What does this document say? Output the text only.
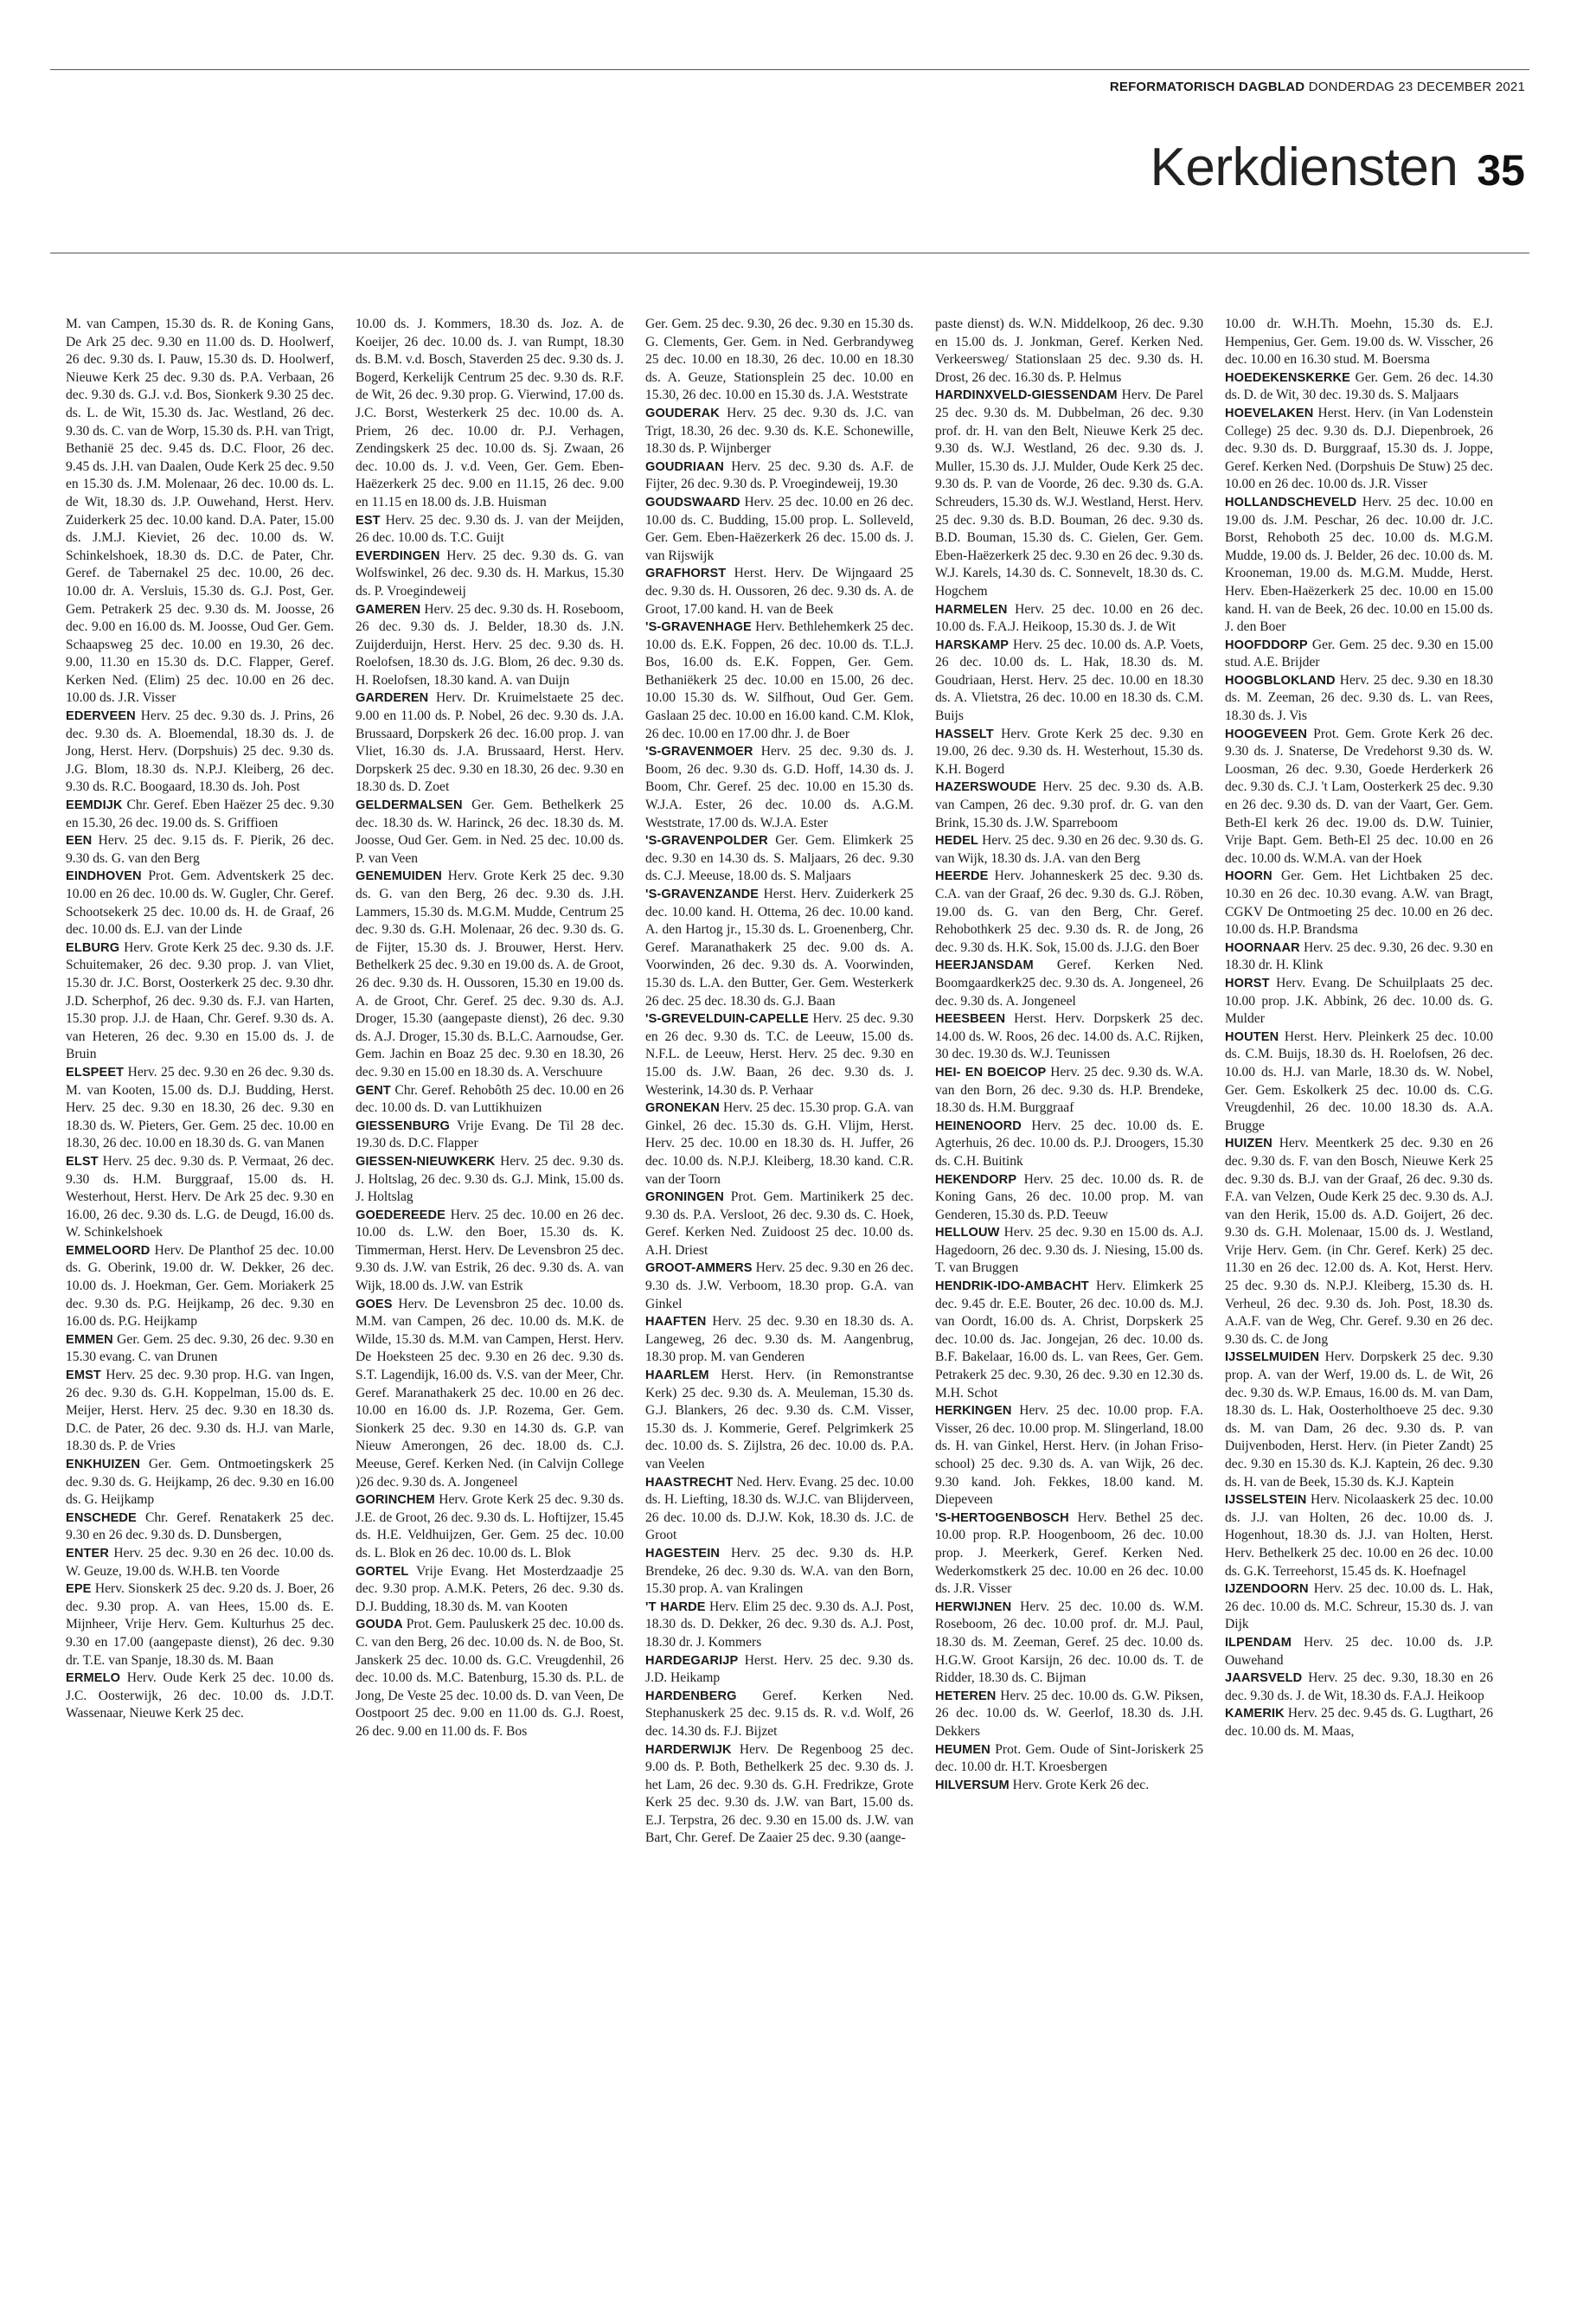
REFORMATORISCH DAGBLAD DONDERDAG 23 DECEMBER 2021
Kerkdiensten 35

M. van Campen, 15.30 ds. R. de Koning Gans, De Ark 25 dec. 9.30 en 11.00 ds. D. Hoolwerf, 26 dec. 9.30 ds. I. Pauw, 15.30 ds. D. Hoolwerf, Nieuwe Kerk 25 dec. 9.30 ds. P.A. Verbaan, 26 dec. 9.30 ds. G.J. v.d. Bos, Sionkerk 9.30 25 dec. ds. L. de Wit, 15.30 ds. Jac. Westland, 26 dec. 9.30 ds. C. van de Worp, 15.30 ds. P.H. van Trigt, Bethaniё 25 dec. 9.45 ds. D.C. Floor, 26 dec. 9.45 ds. J.H. van Daalen, Oude Kerk 25 dec. 9.50 en 15.30 ds. J.M. Molenaar, 26 dec. 10.00 ds. L. de Wit, 18.30 ds. J.P. Ouwehand, Herst. Herv. Zuiderkerk 25 dec. 10.00 kand. D.A. Pater, 15.00 ds. J.M.J. Kieviet, 26 dec. 10.00 ds. W. Schinkelshoek, 18.30 ds. D.C. de Pater, Chr. Geref. de Tabernakel 25 dec. 10.00, 26 dec. 10.00 dr. A. Versluis, 15.30 ds. G.J. Post, Ger. Gem. Petrakerk 25 dec. 9.30 ds. M. Joosse, 26 dec. 9.00 en 16.00 ds. M. Joosse, Oud Ger. Gem. Schaapsweg 25 dec. 10.00 en 19.30, 26 dec. 9.00, 11.30 en 15.30 ds. D.C. Flapper, Geref. Kerken Ned. (Elim) 25 dec. 10.00 en 26 dec. 10.00 ds. J.R. Visser

EDERVEEN Herv. 25 dec. 9.30 ds. J. Prins, 26 dec. 9.30 ds. A. Bloemendal, 18.30 ds. J. de Jong, Herst. Herv. (Dorpshuis) 25 dec. 9.30 ds. J.G. Blom, 18.30 ds. N.P.J. Kleiberg, 26 dec. 9.30 ds. R.C. Boogaard, 18.30 ds. Joh. Post

EEMDIJK Chr. Geref. Eben Haëzer 25 dec. 9.30 en 15.30, 26 dec. 19.00 ds. S. Griffioen

EEN Herv. 25 dec. 9.15 ds. F. Pierik, 26 dec. 9.30 ds. G. van den Berg

EINDHOVEN Prot. Gem. Adventskerk 25 dec. 10.00 en 26 dec. 10.00 ds. W. Gugler, Chr. Geref. Schootsekerk 25 dec. 10.00 ds. H. de Graaf, 26 dec. 10.00 ds. E.J. van der Linde

ELBURG Herv. Grote Kerk 25 dec. 9.30 ds. J.F. Schuitemaker, 26 dec. 9.30 prop. J. van Vliet, 15.30 dr. J.C. Borst, Oosterkerk 25 dec. 9.30 dhr. J.D. Scherphof, 26 dec. 9.30 ds. F.J. van Harten, 15.30 prop. J.J. de Haan, Chr. Geref. 9.30 ds. A. van Heteren, 26 dec. 9.30 en 15.00 ds. J. de Bruin

ELSPEET Herv. 25 dec. 9.30 en 26 dec. 9.30 ds. M. van Kooten, 15.00 ds. D.J. Budding, Herst. Herv. 25 dec. 9.30 en 18.30, 26 dec. 9.30 en 18.30 ds. W. Pieters, Ger. Gem. 25 dec. 10.00 en 18.30, 26 dec. 10.00 en 18.30 ds. G. van Manen

ELST Herv. 25 dec. 9.30 ds. P. Vermaat, 26 dec. 9.30 ds. H.M. Burggraaf, 15.00 ds. H. Westerhout, Herst. Herv. De Ark 25 dec. 9.30 en 16.00, 26 dec. 9.30 ds. L.G. de Deugd, 16.00 ds. W. Schinkelshoek

EMMELOORD Herv. De Planthof 25 dec. 10.00 ds. G. Oberink, 19.00 dr. W. Dekker, 26 dec. 10.00 ds. J. Hoekman, Ger. Gem. Moriakerk 25 dec. 9.30 ds. P.G. Heijkamp, 26 dec. 9.30 en 16.00 ds. P.G. Heijkamp

EMMEN Ger. Gem. 25 dec. 9.30, 26 dec. 9.30 en 15.30 evang. C. van Drunen

EMST Herv. 25 dec. 9.30 prop. H.G. van Ingen, 26 dec. 9.30 ds. G.H. Koppelman, 15.00 ds. E. Meijer, Herst. Herv. 25 dec. 9.30 en 18.30 ds. D.C. de Pater, 26 dec. 9.30 ds. H.J. van Marle, 18.30 ds. P. de Vries

ENKHUIZEN Ger. Gem. Ontmoetingskerk 25 dec. 9.30 ds. G. Heijkamp, 26 dec. 9.30 en 16.00 ds. G. Heijkamp

ENSCHEDE Chr. Geref. Renatakerk 25 dec. 9.30 en 26 dec. 9.30 ds. D. Dunsbergen,

ENTER Herv. 25 dec. 9.30 en 26 dec. 10.00 ds. W. Geuze, 19.00 ds. W.H.B. ten Voorde

EPE Herv. Sionskerk 25 dec. 9.20 ds. J. Boer, 26 dec. 9.30 prop. A. van Hees, 15.00 ds. E. Mijnheer, Vrije Herv. Gem. Kulturhus 25 dec. 9.30 en 17.00 (aangepaste dienst), 26 dec. 9.30 dr. T.E. van Spanje, 18.30 ds. M. Baan

ERMELO Herv. Oude Kerk 25 dec. 10.00 ds. J.C. Oosterwijk, 26 dec. 10.00 ds. J.D.T. Wassenaar, Nieuwe Kerk 25 dec.

10.00 ds. J. Kommers, 18.30 ds. Joz. A. de Koeijer, 26 dec. 10.00 ds. J. van Rumpt, 18.30 ds. B.M. v.d. Bosch, Staverden 25 dec. 9.30 ds. J. Bogerd, Kerkelijk Centrum 25 dec. 9.30 ds. R.F. de Wit, 26 dec. 9.30 prop. G. Vierwind, 17.00 ds. J.C. Borst, Westerkerk 25 dec. 10.00 ds. A. Priem, 26 dec. 10.00 dr. P.J. Verhagen, Zendingskerk 25 dec. 10.00 ds. Sj. Zwaan, 26 dec. 10.00 ds. J. v.d. Veen, Ger. Gem. Eben-Haëzerkerk 25 dec. 9.00 en 11.15, 26 dec. 9.00 en 11.15 en 18.00 ds. J.B. Huisman

EST Herv. 25 dec. 9.30 ds. J. van der Meijden, 26 dec. 10.00 ds. T.C. Guijt

EVERDINGEN Herv. 25 dec. 9.30 ds. G. van Wolfswinkel, 26 dec. 9.30 ds. H. Markus, 15.30 ds. P. Vroegindeweij

GAMEREN Herv. 25 dec. 9.30 ds. H. Roseboom, 26 dec. 9.30 ds. J. Belder, 18.30 ds. J.N. Zuijderduijn, Herst. Herv. 25 dec. 9.30 ds. H. Roelofsen, 18.30 ds. J.G. Blom, 26 dec. 9.30 ds. H. Roelofsen, 18.30 kand. A. van Duijn

GARDEREN Herv. Dr. Kruimelstaete 25 dec. 9.00 en 11.00 ds. P. Nobel, 26 dec. 9.30 ds. J.A. Brussaard, Dorpskerk 26 dec. 16.00 prop. J. van Vliet, 16.30 ds. J.A. Brussaard, Herst. Herv. Dorpskerk 25 dec. 9.30 en 18.30, 26 dec. 9.30 en 18.30 ds. D. Zoet

GELDERMALSEN Ger. Gem. Bethelkerk 25 dec. 18.30 ds. W. Harinck, 26 dec. 18.30 ds. M. Joosse, Oud Ger. Gem. in Ned. 25 dec. 10.00 ds. P. van Veen

GENEMUIDEN Herv. Grote Kerk 25 dec. 9.30 ds. G. van den Berg, 26 dec. 9.30 ds. J.H. Lammers, 15.30 ds. M.G.M. Mudde, Centrum 25 dec. 9.30 ds. G.H. Molenaar, 26 dec. 9.30 ds. G. de Fijter, 15.30 ds. J. Brouwer, Herst. Herv. Bethelkerk 25 dec. 9.30 en 19.00 ds. A. de Groot, 26 dec. 9.30 ds. H. Oussoren, 15.30 en 19.00 ds. A. de Groot, Chr. Geref. 25 dec. 9.30 ds. A.J. Droger, 15.30 (aangepaste dienst), 26 dec. 9.30 ds. A.J. Droger, 15.30 ds. B.L.C. Aarnoudse, Ger. Gem. Jachin en Boaz 25 dec. 9.30 en 18.30, 26 dec. 9.30 en 15.00 en 18.30 ds. A. Verschuure

GENT Chr. Geref. Rehobôth 25 dec. 10.00 en 26 dec. 10.00 ds. D. van Luttikhuizen

GIESSENBURG Vrije Evang. De Til 28 dec. 19.30 ds. D.C. Flapper

GIESSEN-NIEUWKERK Herv. 25 dec. 9.30 ds. J. Holtslag, 26 dec. 9.30 ds. G.J. Mink, 15.00 ds. J. Holtslag

GOEDEREEDE Herv. 25 dec. 10.00 en 26 dec. 10.00 ds. L.W. den Boer, 15.30 ds. K. Timmerman, Herst. Herv. De Levensbron 25 dec. 9.30 ds. J.W. van Estrik, 26 dec. 9.30 ds. A. van Wijk, 18.00 ds. J.W. van Estrik

GOES Herv. De Levensbron 25 dec. 10.00 ds. M.M. van Campen, 26 dec. 10.00 ds. M.K. de Wilde, 15.30 ds. M.M. van Campen, Herst. Herv. De Hoeksteen 25 dec. 9.30 en 26 dec. 9.30 ds. S.T. Lagendijk, 16.00 ds. V.S. van der Meer, Chr. Geref. Maranathakerk 25 dec. 10.00 en 26 dec. 10.00 en 16.00 ds. J.P. Rozema, Ger. Gem. Sionkerk 25 dec. 9.30 en 14.30 ds. G.P. van Nieuw Amerongen, 26 dec. 18.00 ds. C.J. Meeuse, Geref. Kerken Ned. (in Calvijn College )26 dec. 9.30 ds. A. Jongeneel

GORINCHEM Herv. Grote Kerk 25 dec. 9.30 ds. J.E. de Groot, 26 dec. 9.30 ds. L. Hoftijzer, 15.45 ds. H.E. Veldhuijzen, Ger. Gem. 25 dec. 10.00 ds. L. Blok en 26 dec. 10.00 ds. L. Blok

GORTEL Vrije Evang. Het Mosterdzaadje 25 dec. 9.30 prop. A.M.K. Peters, 26 dec. 9.30 ds. D.J. Budding, 18.30 ds. M. van Kooten

GOUDA Prot. Gem. Pauluskerk 25 dec. 10.00 ds. C. van den Berg, 26 dec. 10.00 ds. N. de Boo, St. Janskerk 25 dec. 10.00 ds. G.C. Vreugdenhil, 26 dec. 10.00 ds. M.C. Batenburg, 15.30 ds. P.L. de Jong, De Veste 25 dec. 10.00 ds. D. van Veen, De Oostpoort 25 dec. 9.00 en 11.00 ds. G.J. Roest, 26 dec. 9.00 en 11.00 ds. F. Bos

Ger. Gem. 25 dec. 9.30, 26 dec. 9.30 en 15.30 ds. G. Clements, Ger. Gem. in Ned. Gerbrandyweg 25 dec. 10.00 en 18.30, 26 dec. 10.00 en 18.30 ds. A. Geuze, Stationsplein 25 dec. 10.00 en 15.30, 26 dec. 10.00 en 15.30 ds. J.A. Weststrate

GOUDERAK Herv. 25 dec. 9.30 ds. J.C. van Trigt, 18.30, 26 dec. 9.30 ds. K.E. Schonewille, 18.30 ds. P. Wijnberger

GOUDRIAAN Herv. 25 dec. 9.30 ds. A.F. de Fijter, 26 dec. 9.30 ds. P. Vroegindeweij, 19.30

GOUDSWAARD Herv. 25 dec. 10.00 en 26 dec. 10.00 ds. C. Budding, 15.00 prop. L. Solleveld, Ger. Gem. Eben-Haëzerkerk 26 dec. 15.00 ds. J. van Rijswijk

GRAFHORST Herst. Herv. De Wijngaard 25 dec. 9.30 ds. H. Oussoren, 26 dec. 9.30 ds. A. de Groot, 17.00 kand. H. van de Beek

'S-GRAVENHAGE Herv. Bethlehemkerk 25 dec. 10.00 ds. E.K. Foppen, 26 dec. 10.00 ds. T.L.J. Bos, 16.00 ds. E.K. Foppen, Ger. Gem. Bethaniёkerk 25 dec. 10.00 en 15.00, 26 dec. 10.00 15.30 ds. W. Silfhout, Oud Ger. Gem. Gaslaan 25 dec. 10.00 en 16.00 kand. C.M. Klok, 26 dec. 10.00 en 17.00 dhr. J. de Boer

'S-GRAVENMOER Herv. 25 dec. 9.30 ds. J. Boom, 26 dec. 9.30 ds. G.D. Hoff, 14.30 ds. J. Boom, Chr. Geref. 25 dec. 10.00 en 15.30 ds. W.J.A. Ester, 26 dec. 10.00 ds. A.G.M. Weststrate, 17.00 ds. W.J.A. Ester

'S-GRAVENPOLDER Ger. Gem. Elimkerk 25 dec. 9.30 en 14.30 ds. S. Maljaars, 26 dec. 9.30 ds. C.J. Meeuse, 18.00 ds. S. Maljaars

'S-GRAVENZANDE Herst. Herv. Zuiderkerk 25 dec. 10.00 kand. H. Ottema, 26 dec. 10.00 kand. A. den Hartog jr., 15.30 ds. L. Groenenberg, Chr. Geref. Maranathakerk 25 dec. 9.00 ds. A. Voorwinden, 26 dec. 9.30 ds. A. Voorwinden, 15.30 ds. L.A. den Butter, Ger. Gem. Westerkerk 26 dec. 25 dec. 18.30 ds. G.J. Baan

'S-GREVELDUIN-CAPELLE Herv. 25 dec. 9.30 en 26 dec. 9.30 ds. T.C. de Leeuw, 15.00 ds. N.F.L. de Leeuw, Herst. Herv. 25 dec. 9.30 en 15.00 ds. J.W. Baan, 26 dec. 9.30 ds. J. Westerink, 14.30 ds. P. Verhaar

GRONEKAN Herv. 25 dec. 15.30 prop. G.A. van Ginkel, 26 dec. 15.30 ds. G.H. Vlijm, Herst. Herv. 25 dec. 10.00 en 18.30 ds. H. Juffer, 26 dec. 10.00 ds. N.P.J. Kleiberg, 18.30 kand. C.R. van der Toorn

GRONINGEN Prot. Gem. Martinikerk 25 dec. 9.30 ds. P.A. Versloot, 26 dec. 9.30 ds. C. Hoek, Geref. Kerken Ned. Zuidoost 25 dec. 10.00 ds. A.H. Driest

GROOT-AMMERS Herv. 25 dec. 9.30 en 26 dec. 9.30 ds. J.W. Verboom, 18.30 prop. G.A. van Ginkel

HAAFTEN Herv. 25 dec. 9.30 en 18.30 ds. A. Langeweg, 26 dec. 9.30 ds. M. Aangenbrug, 18.30 prop. M. van Genderen

HAARLEM Herst. Herv. (in Remonstrantse Kerk) 25 dec. 9.30 ds. A. Meuleman, 15.30 ds. G.J. Blankers, 26 dec. 9.30 ds. C.M. Visser, 15.30 ds. J. Kommerie, Geref. Pelgrimkerk 25 dec. 10.00 ds. S. Zijlstra, 26 dec. 10.00 ds. P.A. van Veelen

HAASTRECHT Ned. Herv. Evang. 25 dec. 10.00 ds. H. Liefting, 18.30 ds. W.J.C. van Blijderveen, 26 dec. 10.00 ds. D.J.W. Kok, 18.30 ds. J.C. de Groot

HAGESTEIN Herv. 25 dec. 9.30 ds. H.P. Brendeke, 26 dec. 9.30 ds. W.A. van den Born, 15.30 prop. A. van Kralingen

'T HARDE Herv. Elim 25 dec. 9.30 ds. A.J. Post, 18.30 ds. D. Dekker, 26 dec. 9.30 ds. A.J. Post, 18.30 dr. J. Kommers

HARDEGARIJP Herst. Herv. 25 dec. 9.30 ds. J.D. Heikamp

HARDENBERG Geref. Kerken Ned. Stephanuskerk 25 dec. 9.15 ds. R. v.d. Wolf, 26 dec. 14.30 ds. F.J. Bijzet

HARDERWIJK Herv. De Regenboog 25 dec. 9.00 ds. P. Both, Bethelkerk 25 dec. 9.30 ds. J. het Lam, 26 dec. 9.30 ds. G.H. Fredrikze, Grote Kerk 25 dec. 9.30 ds. J.W. van Bart, 15.00 ds. E.J. Terpstra, 26 dec. 9.30 en 15.00 ds. J.W. van Bart, Chr. Geref. De Zaaier 25 dec. 9.30 (aange-

paste dienst) ds. W.N. Middelkoop, 26 dec. 9.30 en 15.00 ds. J. Jonkman, Geref. Kerken Ned. Verkeersweg/ Stationslaan 25 dec. 9.30 ds. H. Drost, 26 dec. 16.30 ds. P. Helmus

HARDINXVELD-GIESSENDAM Herv. De Parel 25 dec. 9.30 ds. M. Dubbelman, 26 dec. 9.30 prof. dr. H. van den Belt, Nieuwe Kerk 25 dec. 9.30 ds. W.J. Westland, 26 dec. 9.30 ds. J. Muller, 15.30 ds. J.J. Mulder, Oude Kerk 25 dec. 9.30 ds. P. van de Voorde, 26 dec. 9.30 ds. G.A. Schreuders, 15.30 ds. W.J. Westland, Herst. Herv. 25 dec. 9.30 ds. B.D. Bouman, 26 dec. 9.30 ds. B.D. Bouman, 15.30 ds. C. Gielen, Ger. Gem. Eben-Haëzerkerk 25 dec. 9.30 en 26 dec. 9.30 ds. W.J. Karels, 14.30 ds. C. Sonnevelt, 18.30 ds. C. Hogchem

HARMELEN Herv. 25 dec. 10.00 en 26 dec. 10.00 ds. F.A.J. Heikoop, 15.30 ds. J. de Wit

HARSKAMP Herv. 25 dec. 10.00 ds. A.P. Voets, 26 dec. 10.00 ds. L. Hak, 18.30 ds. M. Goudriaan, Herst. Herv. 25 dec. 10.00 en 18.30 ds. A. Vlietstra, 26 dec. 10.00 en 18.30 ds. C.M. Buijs

HASSELT Herv. Grote Kerk 25 dec. 9.30 en 19.00, 26 dec. 9.30 ds. H. Westerhout, 15.30 ds. K.H. Bogerd

HAZERSWOUDE Herv. 25 dec. 9.30 ds. A.B. van Campen, 26 dec. 9.30 prof. dr. G. van den Brink, 15.30 ds. J.W. Sparreboom

HEDEL Herv. 25 dec. 9.30 en 26 dec. 9.30 ds. G. van Wijk, 18.30 ds. J.A. van den Berg

HEERDE Herv. Johanneskerk 25 dec. 9.30 ds. C.A. van der Graaf, 26 dec. 9.30 ds. G.J. Röben, 19.00 ds. G. van den Berg, Chr. Geref. Rehobothkerk 25 dec. 9.30 ds. R. de Jong, 26 dec. 9.30 ds. H.K. Sok, 15.00 ds. J.J.G. den Boer

HEERJANSDAM Geref. Kerken Ned. Boomgaardkerk25 dec. 9.30 ds. A. Jongeneel, 26 dec. 9.30 ds. A. Jongeneel

HEESBEEN Herst. Herv. Dorpskerk 25 dec. 14.00 ds. W. Roos, 26 dec. 14.00 ds. A.C. Rijken, 30 dec. 19.30 ds. W.J. Teunissen

HEI- EN BOEICOP Herv. 25 dec. 9.30 ds. W.A. van den Born, 26 dec. 9.30 ds. H.P. Brendeke, 18.30 ds. H.M. Burggraaf

HEINENOORD Herv. 25 dec. 10.00 ds. E. Agterhuis, 26 dec. 10.00 ds. P.J. Droogers, 15.30 ds. C.H. Buitink

HEKENDORP Herv. 25 dec. 10.00 ds. R. de Koning Gans, 26 dec. 10.00 prop. M. van Genderen, 15.30 ds. P.D. Teeuw

HELLOUW Herv. 25 dec. 9.30 en 15.00 ds. A.J. Hagedoorn, 26 dec. 9.30 ds. J. Niesing, 15.00 ds. T. van Bruggen

HENDRIK-IDO-AMBACHT Herv. Elimkerk 25 dec. 9.45 dr. E.E. Bouter, 26 dec. 10.00 ds. M.J. van Oordt, 16.00 ds. A. Christ, Dorpskerk 25 dec. 10.00 ds. Jac. Jongejan, 26 dec. 10.00 ds. B.F. Bakelaar, 16.00 ds. L. van Rees, Ger. Gem. Petrakerk 25 dec. 9.30, 26 dec. 9.30 en 12.30 ds. M.H. Schot

HERKINGEN Herv. 25 dec. 10.00 prop. F.A. Visser, 26 dec. 10.00 prop. M. Slingerland, 18.00 ds. H. van Ginkel, Herst. Herv. (in Johan Friso-school) 25 dec. 9.30 ds. A. van Wijk, 26 dec. 9.30 kand. Joh. Fekkes, 18.00 kand. M. Diepeveen

'S-HERTOGENBOSCH Herv. Bethel 25 dec. 10.00 prop. R.P. Hoogenboom, 26 dec. 10.00 prop. J. Meerkerk, Geref. Kerken Ned. Wederkomstkerk 25 dec. 10.00 en 26 dec. 10.00 ds. J.R. Visser

HERWIJNEN Herv. 25 dec. 10.00 ds. W.M. Roseboom, 26 dec. 10.00 prof. dr. M.J. Paul, 18.30 ds. M. Zeeman, Geref. 25 dec. 10.00 ds. H.G.W. Groot Karsijn, 26 dec. 10.00 ds. T. de Ridder, 18.30 ds. C. Bijman

HETEREN Herv. 25 dec. 10.00 ds. G.W. Piksen, 26 dec. 10.00 ds. W. Geerlof, 18.30 ds. J.H. Dekkers

HEUMEN Prot. Gem. Oude of Sint-Joriskerk 25 dec. 10.00 dr. H.T. Kroesbergen

HILVERSUM Herv. Grote Kerk 26 dec.

10.00 dr. W.H.Th. Moehn, 15.30 ds. E.J. Hempenius, Ger. Gem. 19.00 ds. W. Visscher, 26 dec. 10.00 en 16.30 stud. M. Boersma

HOEDEKENSKERKE Ger. Gem. 26 dec. 14.30 ds. D. de Wit, 30 dec. 19.30 ds. S. Maljaars

HOEVELAKEN Herst. Herv. (in Van Lodenstein College) 25 dec. 9.30 ds. D.J. Diepenbroek, 26 dec. 9.30 ds. D. Burggraaf, 15.30 ds. J. Joppe, Geref. Kerken Ned. (Dorpshuis De Stuw) 25 dec. 10.00 en 26 dec. 10.00 ds. J.R. Visser

HOLLANDSCHEVELD Herv. 25 dec. 10.00 en 19.00 ds. J.M. Peschar, 26 dec. 10.00 dr. J.C. Borst, Rehoboth 25 dec. 10.00 ds. M.G.M. Mudde, 19.00 ds. J. Belder, 26 dec. 10.00 ds. M. Krooneman, 19.00 ds. M.G.M. Mudde, Herst. Herv. Eben-Haëzerkerk 25 dec. 10.00 en 15.00 kand. H. van de Beek, 26 dec. 10.00 en 15.00 ds. J. den Boer

HOOFDDORP Ger. Gem. 25 dec. 9.30 en 15.00 stud. A.E. Brijder

HOOGBLOKLAND Herv. 25 dec. 9.30 en 18.30 ds. M. Zeeman, 26 dec. 9.30 ds. L. van Rees, 18.30 ds. J. Vis

HOOGEVEEN Prot. Gem. Grote Kerk 26 dec. 9.30 ds. J. Snaterse, De Vredehorst 9.30 ds. W. Loosman, 26 dec. 9.30, Goede Herderkerk 26 dec. 9.30 ds. C.J. 't Lam, Oosterkerk 25 dec. 9.30 en 26 dec. 9.30 ds. D. van der Vaart, Ger. Gem. Beth-El kerk 26 dec. 19.00 ds. D.W. Tuinier, Vrije Bapt. Gem. Beth-El 25 dec. 10.00 en 26 dec. 10.00 ds. W.M.A. van der Hoek

HOORN Ger. Gem. Het Lichtbaken 25 dec. 10.30 en 26 dec. 10.30 evang. A.W. van Bragt, CGKV De Ontmoeting 25 dec. 10.00 en 26 dec. 10.00 ds. H.P. Brandsma

HOORNAAR Herv. 25 dec. 9.30, 26 dec. 9.30 en 18.30 dr. H. Klink

HORST Herv. Evang. De Schuilplaats 25 dec. 10.00 prop. J.K. Abbink, 26 dec. 10.00 ds. G. Mulder

HOUTEN Herst. Herv. Pleinkerk 25 dec. 10.00 ds. C.M. Buijs, 18.30 ds. H. Roelofsen, 26 dec. 10.00 ds. H.J. van Marle, 18.30 ds. W. Nobel, Ger. Gem. Eskolkerk 25 dec. 10.00 ds. C.G. Vreugdenhil, 26 dec. 10.00 18.30 ds. A.A. Brugge

HUIZEN Herv. Meentkerk 25 dec. 9.30 en 26 dec. 9.30 ds. F. van den Bosch, Nieuwe Kerk 25 dec. 9.30 ds. B.J. van der Graaf, 26 dec. 9.30 ds. F.A. van Velzen, Oude Kerk 25 dec. 9.30 ds. A.J. van den Herik, 15.00 ds. A.D. Goijert, 26 dec. 9.30 ds. G.H. Molenaar, 15.00 ds. J. Westland, Vrije Herv. Gem. (in Chr. Geref. Kerk) 25 dec. 11.30 en 26 dec. 12.00 ds. A. Kot, Herst. Herv. 25 dec. 9.30 ds. N.P.J. Kleiberg, 15.30 ds. H. Verheul, 26 dec. 9.30 ds. Joh. Post, 18.30 ds. A.A.F. van de Weg, Chr. Geref. 9.30 en 26 dec. 9.30 ds. C. de Jong

IJSSELMUIDEN Herv. Dorpskerk 25 dec. 9.30 prop. A. van der Werf, 19.00 ds. L. de Wit, 26 dec. 9.30 ds. W.P. Emaus, 16.00 ds. M. van Dam, 18.30 ds. L. Hak, Oosterholthoeve 25 dec. 9.30 ds. M. van Dam, 26 dec. 9.30 ds. P. van Duijvenboden, Herst. Herv. (in Pieter Zandt) 25 dec. 9.30 en 15.30 ds. K.J. Kaptein, 26 dec. 9.30 ds. H. van de Beek, 15.30 ds. K.J. Kaptein

IJSSELSTEIN Herv. Nicolaaskerk 25 dec. 10.00 ds. J.J. van Holten, 26 dec. 10.00 ds. J. Hogenhout, 18.30 ds. J.J. van Holten, Herst. Herv. Bethelkerk 25 dec. 10.00 en 26 dec. 10.00 ds. G.K. Terreehorst, 15.45 ds. K. Hoefnagel

IJZENDOORN Herv. 25 dec. 10.00 ds. L. Hak, 26 dec. 10.00 ds. M.C. Schreur, 15.30 ds. J. van Dijk

ILPENDAM Herv. 25 dec. 10.00 ds. J.P. Ouwehand

JAARSVELD Herv. 25 dec. 9.30, 18.30 en 26 dec. 9.30 ds. J. de Wit, 18.30 ds. F.A.J. Heikoop

KAMERIK Herv. 25 dec. 9.45 ds. G. Lugthart, 26 dec. 10.00 ds. M. Maas,
